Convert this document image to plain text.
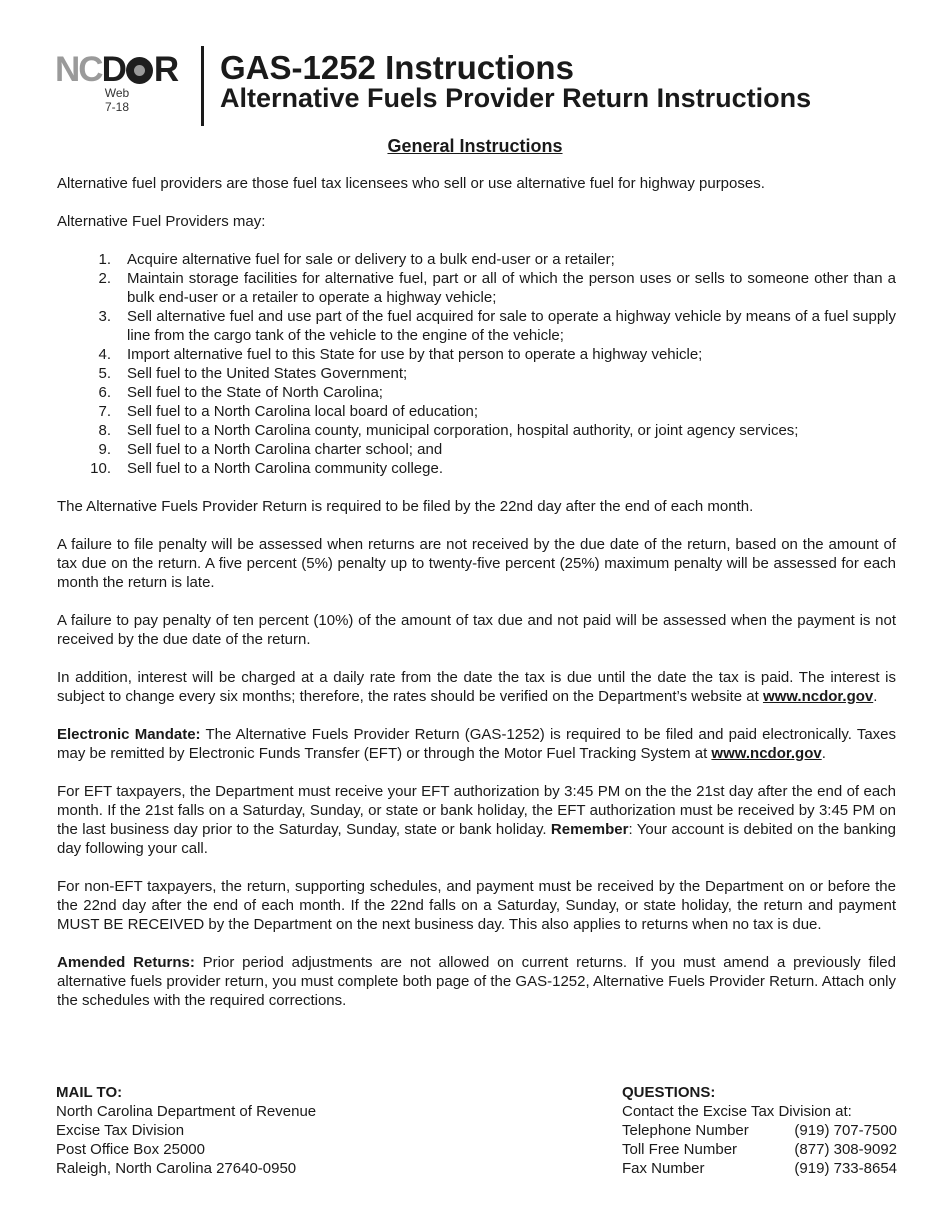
NCD R
Web
7-18
GAS-1252 Instructions
Alternative Fuels Provider Return Instructions
General Instructions

Alternative fuel providers are those fuel tax licensees who sell or use alternative fuel for highway purposes.

Alternative Fuel Providers may:

1. Acquire alternative fuel for sale or delivery to a bulk end-user or a retailer;
2. Maintain storage facilities for alternative fuel, part or all of which the person uses or sells to someone other than a bulk end-user or a retailer to operate a highway vehicle;
3. Sell alternative fuel and use part of the fuel acquired for sale to operate a highway vehicle by means of a fuel supply line from the cargo tank of the vehicle to the engine of the vehicle;
4. Import alternative fuel to this State for use by that person to operate a highway vehicle;
5. Sell fuel to the United States Government;
6. Sell fuel to the State of North Carolina;
7. Sell fuel to a North Carolina local board of education;
8. Sell fuel to a North Carolina county, municipal corporation, hospital authority, or joint agency services;
9. Sell fuel to a North Carolina charter school; and
10. Sell fuel to a North Carolina community college.

The Alternative Fuels Provider Return is required to be filed by the 22nd day after the end of each month.

A failure to file penalty will be assessed when returns are not received by the due date of the return, based on the amount of tax due on the return. A five percent (5%) penalty up to twenty-five percent (25%) maximum penalty will be assessed for each month the return is late.

A failure to pay penalty of ten percent (10%) of the amount of tax due and not paid will be assessed when the payment is not received by the due date of the return.

In addition, interest will be charged at a daily rate from the date the tax is due until the date the tax is paid. The interest is subject to change every six months; therefore, the rates should be verified on the Department’s website at www.ncdor.gov.

Electronic Mandate: The Alternative Fuels Provider Return (GAS-1252) is required to be filed and paid electronically. Taxes may be remitted by Electronic Funds Transfer (EFT) or through the Motor Fuel Tracking System at www.ncdor.gov.

For EFT taxpayers, the Department must receive your EFT authorization by 3:45 PM on the the 21st day after the end of each month. If the 21st falls on a Saturday, Sunday, or state or bank holiday, the EFT authorization must be received by 3:45 PM on the last business day prior to the Saturday, Sunday, state or bank holiday. Remember: Your account is debited on the banking day following your call.

For non-EFT taxpayers, the return, supporting schedules, and payment must be received by the Department on or before the the 22nd day after the end of each month. If the 22nd falls on a Saturday, Sunday, or state holiday, the return and payment MUST BE RECEIVED by the Department on the next business day. This also applies to returns when no tax is due.

Amended Returns: Prior period adjustments are not allowed on current returns. If you must amend a previously filed alternative fuels provider return, you must complete both page of the GAS-1252, Alternative Fuels Provider Return. Attach only the schedules with the required corrections.

MAIL TO:
North Carolina Department of Revenue
Excise Tax Division
Post Office Box 25000
Raleigh, North Carolina 27640-0950
QUESTIONS:
Contact the Excise Tax Division at:
Telephone Number	(919) 707-7500
Toll Free Number	(877) 308-9092
Fax Number	(919) 733-8654
